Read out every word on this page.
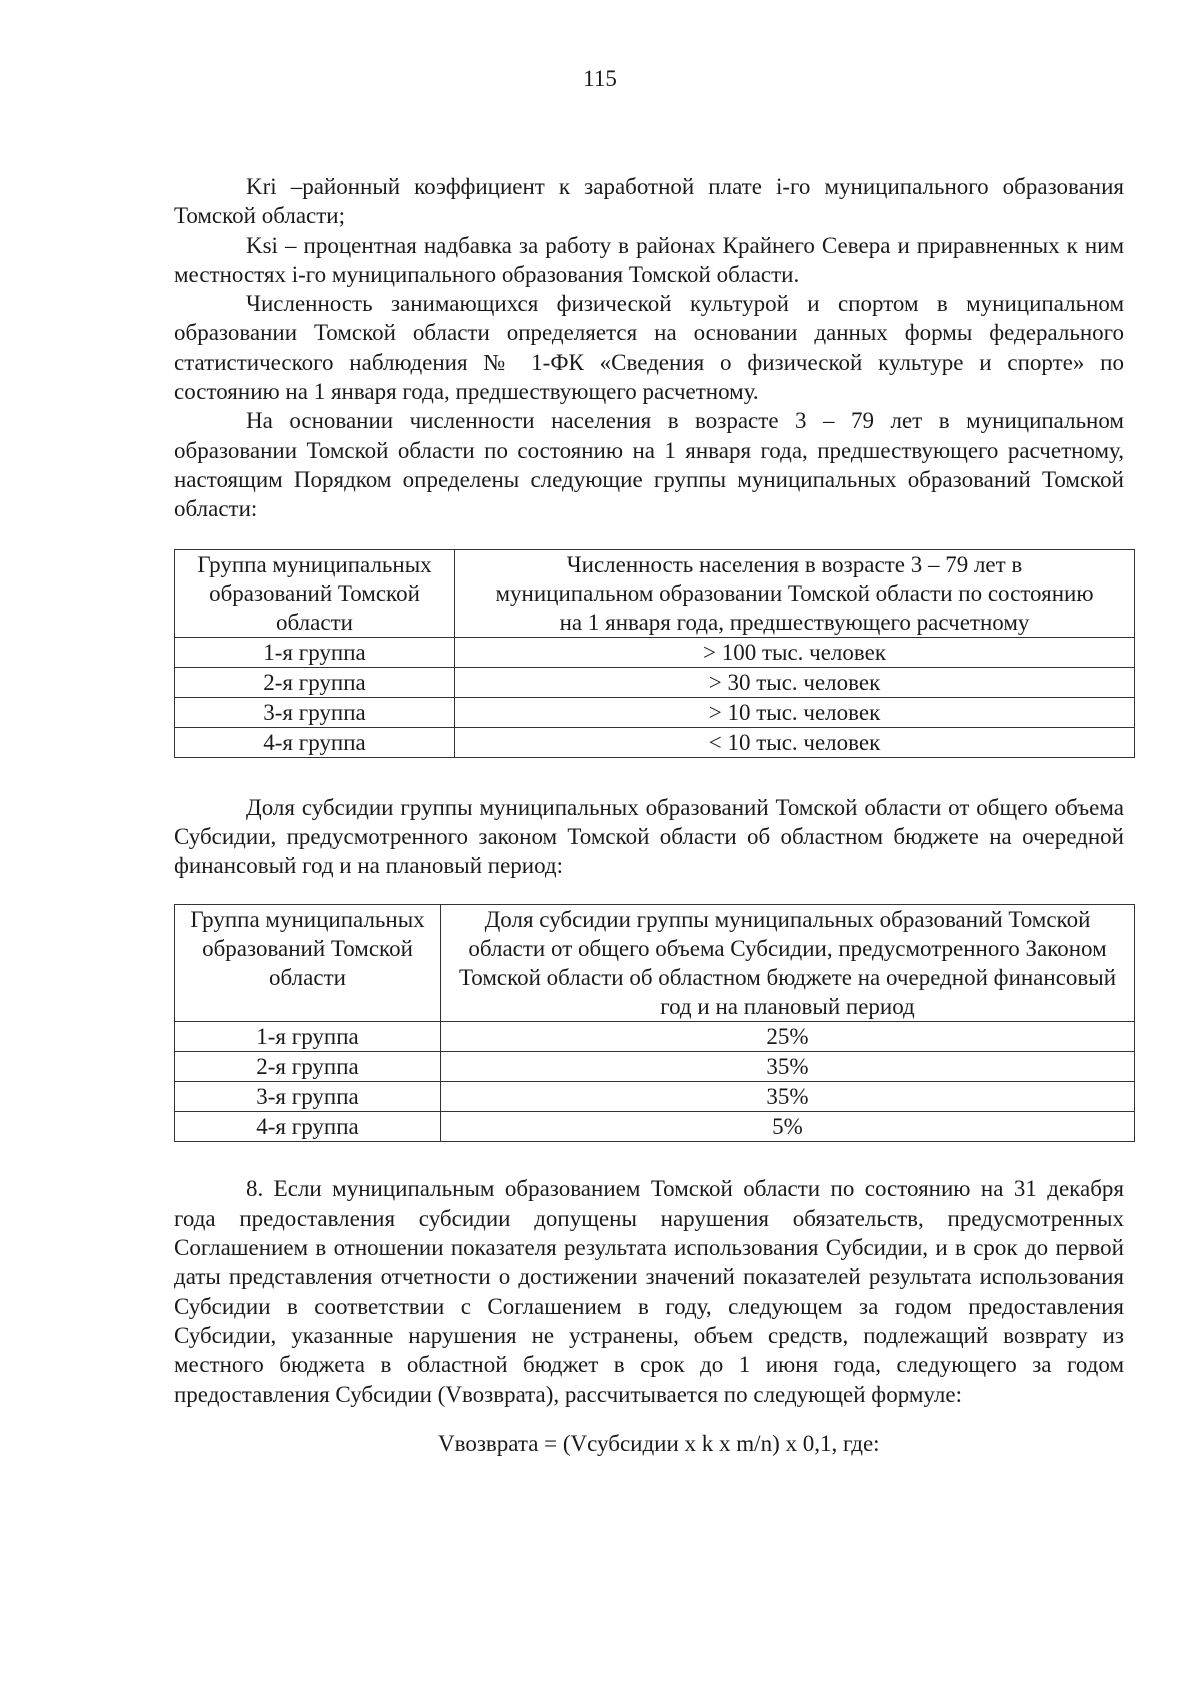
115

Kri –районный коэффициент к заработной плате i-го муниципального образования Томской области;

Ksi – процентная надбавка за работу в районах Крайнего Севера и приравненных к ним местностях i-го муниципального образования Томской области.

Численность занимающихся физической культурой и спортом в муниципальном образовании Томской области определяется на основании данных формы федерального статистического наблюдения № 1-ФК «Сведения о физической культуре и спорте» по состоянию на 1 января года, предшествующего расчетному.

На основании численности населения в возрасте 3 – 79 лет в муниципальном образовании Томской области по состоянию на 1 января года, предшествующего расчетному, настоящим Порядком определены следующие группы муниципальных образований Томской области:

Группа муниципальных образований Томской области	Численность населения в возрасте 3 – 79 лет в муниципальном образовании Томской области по состоянию на 1 января года, предшествующего расчетному
1-я группа	> 100 тыс. человек
2-я группа	> 30 тыс. человек
3-я группа	> 10 тыс. человек
4-я группа	< 10 тыс. человек

Доля субсидии группы муниципальных образований Томской области от общего объема Субсидии, предусмотренного законом Томской области об областном бюджете на очередной финансовый год и на плановый период:

Группа муниципальных образований Томской области	Доля субсидии группы муниципальных образований Томской области от общего объема Субсидии, предусмотренного Законом Томской области об областном бюджете на очередной финансовый год и на плановый период
1-я группа	25%
2-я группа	35%
3-я группа	35%
4-я группа	5%

8. Если муниципальным образованием Томской области по состоянию на 31 декабря года предоставления субсидии допущены нарушения обязательств, предусмотренных Соглашением в отношении показателя результата использования Субсидии, и в срок до первой даты представления отчетности о достижении значений показателей результата использования Субсидии в соответствии с Соглашением в году, следующем за годом предоставления Субсидии, указанные нарушения не устранены, объем средств, подлежащий возврату из местного бюджета в областной бюджет в срок до 1 июня года, следующего за годом предоставления Субсидии (Vвозврата), рассчитывается по следующей формуле:

Vвозврата = (Vсубсидии x k x m/n) x 0,1, где:
